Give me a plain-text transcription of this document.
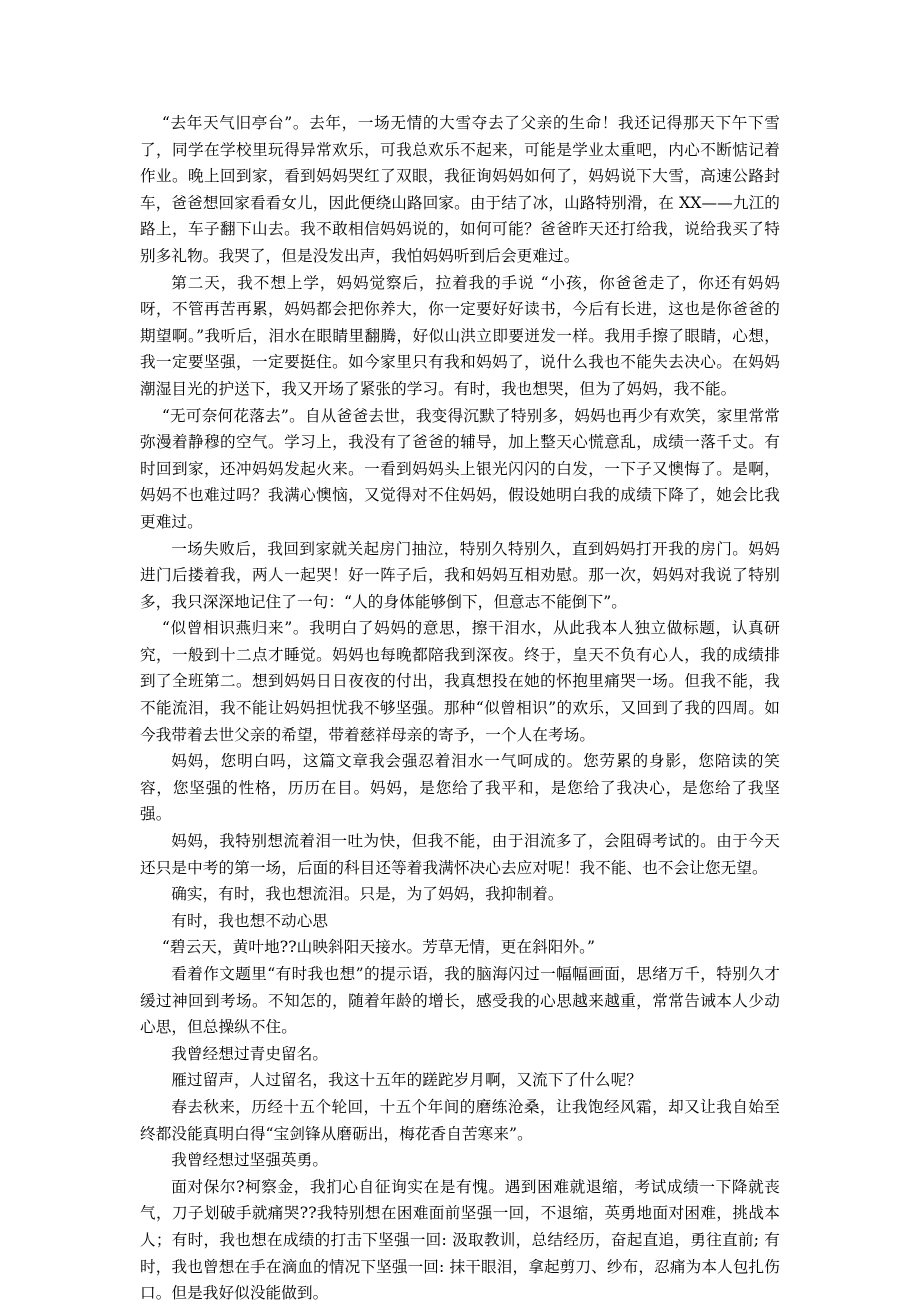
“去年天气旧亭台”。去年，一场无情的大雪夺去了父亲的生命！我还记得那天下午下雪了，同学在学校里玩得异常欢乐，可我总欢乐不起来，可能是学业太重吧，内心不断惦记着作业。晚上回到家，看到妈妈哭红了双眼，我征询妈妈如何了，妈妈说下大雪，高速公路封车，爸爸想回家看看女儿，因此便绕山路回家。由于结了冰，山路特别滑，在 XX——九江的路上，车子翻下山去。我不敢相信妈妈说的，如何可能？爸爸昨天还打给我，说给我买了特别多礼物。我哭了，但是没发出声，我怕妈妈听到后会更难过。

第二天，我不想上学，妈妈觉察后，拉着我的手说 “小孩，你爸爸走了，你还有妈妈呀，不管再苦再累，妈妈都会把你养大，你一定要好好读书，今后有长进，这也是你爸爸的期望啊。”我听后，泪水在眼睛里翻腾，好似山洪立即要迸发一样。我用手擦了眼睛，心想，我一定要坚强，一定要挺住。如今家里只有我和妈妈了，说什么我也不能失去决心。在妈妈潮湿目光的护送下，我又开场了紧张的学习。有时，我也想哭，但为了妈妈，我不能。

“无可奈何花落去”。自从爸爸去世，我变得沉默了特别多，妈妈也再少有欢笑，家里常常弥漫着静穆的空气。学习上，我没有了爸爸的辅导，加上整天心慌意乱，成绩一落千丈。有时回到家，还冲妈妈发起火来。一看到妈妈头上银光闪闪的白发，一下子又懊悔了。是啊，妈妈不也难过吗？我满心懊恼，又觉得对不住妈妈，假设她明白我的成绩下降了，她会比我更难过。

一场失败后，我回到家就关起房门抽泣，特别久特别久，直到妈妈打开我的房门。妈妈进门后搂着我，两人一起哭！好一阵子后，我和妈妈互相劝慰。那一次，妈妈对我说了特别多，我只深深地记住了一句：“人的身体能够倒下，但意志不能倒下”。

“似曾相识燕归来”。我明白了妈妈的意思，擦干泪水，从此我本人独立做标题，认真研究，一般到十二点才睡觉。妈妈也每晚都陪我到深夜。终于，皇天不负有心人，我的成绩排到了全班第二。想到妈妈日日夜夜的付出，我真想投在她的怀抱里痛哭一场。但我不能，我不能流泪，我不能让妈妈担忧我不够坚强。那种“似曾相识”的欢乐，又回到了我的四周。如今我带着去世父亲的希望，带着慈祥母亲的寄予，一个人在考场。

妈妈，您明白吗，这篇文章我会强忍着泪水一气呵成的。您劳累的身影，您陪读的笑容，您坚强的性格，历历在目。妈妈，是您给了我平和，是您给了我决心，是您给了我坚强。

妈妈，我特别想流着泪一吐为快，但我不能，由于泪流多了，会阻碍考试的。由于今天还只是中考的第一场，后面的科目还等着我满怀决心去应对呢！我不能、也不会让您无望。

确实，有时，我也想流泪。只是，为了妈妈，我抑制着。

有时，我也想不动心思

“碧云天，黄叶地??山映斜阳天接水。芳草无情，更在斜阳外。”

看着作文题里“有时我也想”的提示语，我的脑海闪过一幅幅画面，思绪万千，特别久才缓过神回到考场。不知怎的，随着年龄的增长，感受我的心思越来越重，常常告诫本人少动心思，但总操纵不住。

我曾经想过青史留名。

雁过留声，人过留名，我这十五年的蹉跎岁月啊，又流下了什么呢？

春去秋来，历经十五个轮回，十五个年间的磨练沧桑，让我饱经风霜，却又让我自始至终都没能真明白得“宝剑锋从磨砺出，梅花香自苦寒来”。

我曾经想过坚强英勇。

面对保尔?柯察金，我扪心自征询实在是有愧。遇到困难就退缩，考试成绩一下降就丧气，刀子划破手就痛哭??我特别想在困难面前坚强一回，不退缩，英勇地面对困难，挑战本人；有时，我也想在成绩的打击下坚强一回: 汲取教训，总结经历，奋起直追，勇往直前; 有时，我也曾想在手在滴血的情况下坚强一回: 抹干眼泪，拿起剪刀、纱布，忍痛为本人包扎伤口。但是我好似没能做到。
